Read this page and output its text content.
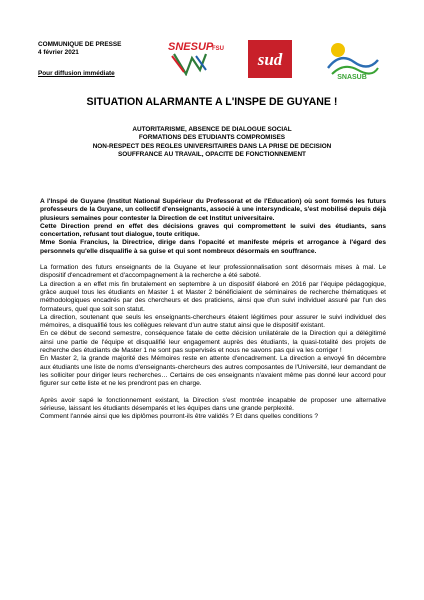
COMMUNIQUE DE PRESSE
4 février 2021
Pour diffusion immédiate
SNESUP
FSU
sud
SNASUB
SITUATION ALARMANTE A L'INSPE DE GUYANE !
AUTORITARISME, ABSENCE DE DIALOGUE SOCIAL
FORMATIONS DES ETUDIANTS COMPROMISES
NON-RESPECT DES REGLES UNIVERSITAIRES DANS LA PRISE DE DECISION
SOUFFRANCE AU TRAVAIL, OPACITE DE FONCTIONNEMENT

A l'Inspé de Guyane (Institut National Supérieur du Professorat et de l'Education) où sont formés les futurs professeurs de la Guyane, un collectif d'enseignants, associé à une intersyndicale, s'est mobilisé depuis déjà plusieurs semaines pour contester la Direction de cet Institut universitaire.

Cette Direction prend en effet des décisions graves qui compromettent le suivi des étudiants, sans concertation, refusant tout dialogue, toute critique.

Mme Sonia Francius, la Directrice, dirige dans l'opacité et manifeste mépris et arrogance à l'égard des personnels qu'elle disqualifie à sa guise et qui sont nombreux désormais en souffrance.

La formation des futurs enseignants de la Guyane et leur professionnalisation sont désormais mises à mal. Le dispositif d'encadrement et d'accompagnement à la recherche a été saboté.

La direction a en effet mis fin brutalement en septembre à un dispositif élaboré en 2016 par l'équipe pédagogique, grâce auquel tous les étudiants en Master 1 et Master 2 bénéficiaient de séminaires de recherche thématiques et méthodologiques encadrés par des chercheurs et des praticiens, ainsi que d'un suivi individuel assuré par l'un des formateurs, quel que soit son statut.

La direction, soutenant que seuls les enseignants-chercheurs étaient légitimes pour assurer le suivi individuel des mémoires, a disqualifié tous les collègues relevant d'un autre statut ainsi que le dispositif existant.

En ce début de second semestre, conséquence fatale de cette décision unilatérale de la Direction qui a délégitimé ainsi une partie de l'équipe et disqualifié leur engagement auprès des étudiants, la quasi-totalité des projets de recherche des étudiants de Master 1 ne sont pas supervisés et nous ne savons pas qui va les corriger !

En Master 2, la grande majorité des Mémoires reste en attente d'encadrement. La direction a envoyé fin décembre aux étudiants une liste de noms d'enseignants-chercheurs des autres composantes de l'Université, leur demandant de les solliciter pour diriger leurs recherches… Certains de ces enseignants n'avaient même pas donné leur accord pour figurer sur cette liste et ne les prendront pas en charge.

Après avoir sapé le fonctionnement existant, la Direction s'est montrée incapable de proposer une alternative sérieuse, laissant les étudiants désemparés et les équipes dans une grande perplexité.

Comment l'année ainsi que les diplômes pourront-ils être validés ? Et dans quelles conditions ?
